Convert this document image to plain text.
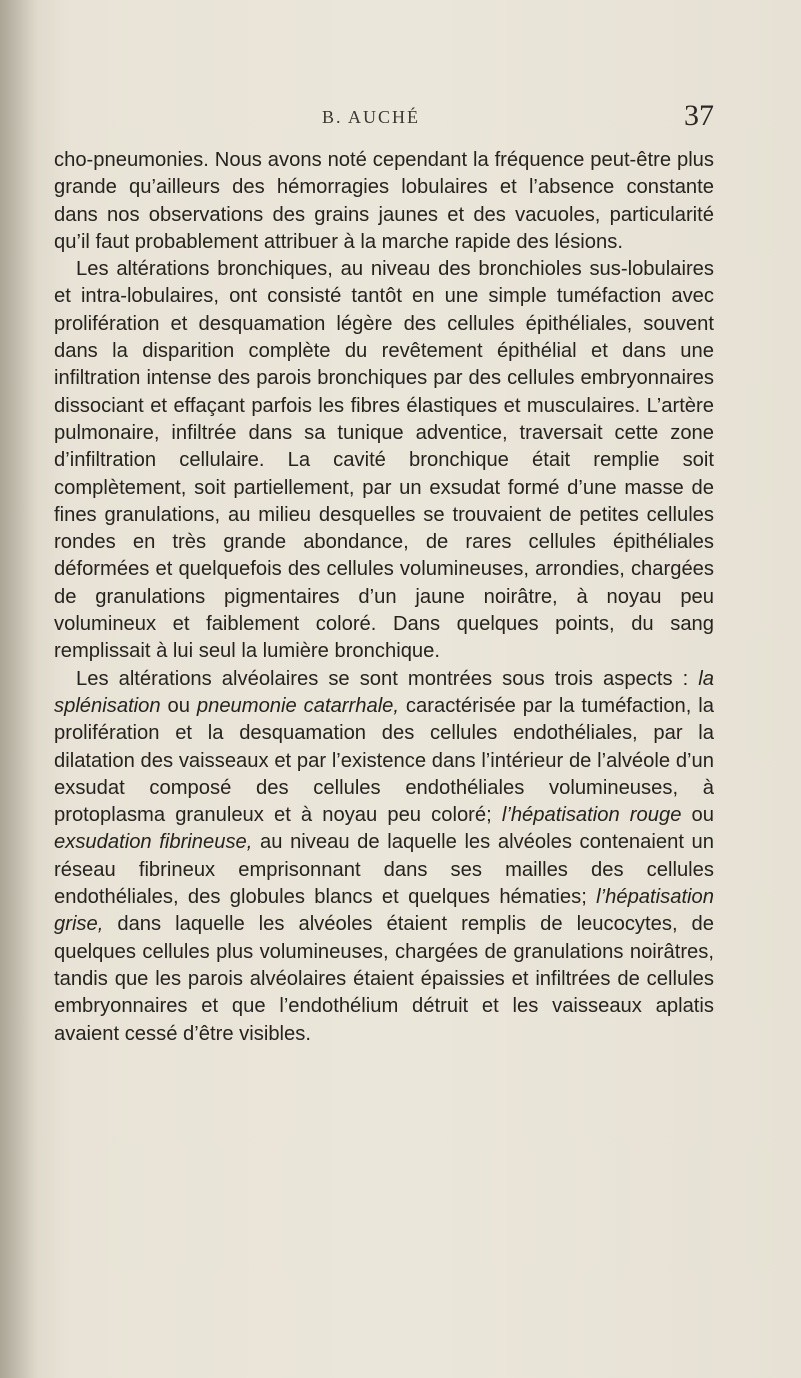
B. AUCHÉ	37

cho-pneumonies. Nous avons noté cependant la fréquence peut-être plus grande qu’ailleurs des hémorragies lobulaires et l’absence constante dans nos observations des grains jaunes et des vacuoles, particularité qu’il faut probablement attribuer à la marche rapide des lésions.

Les altérations bronchiques, au niveau des bronchioles sus-lobulaires et intra-lobulaires, ont consisté tantôt en une simple tuméfaction avec prolifération et desquamation légère des cellules épithéliales, souvent dans la disparition complète du revêtement épithélial et dans une infiltration intense des parois bronchiques par des cellules embryonnaires dissociant et effaçant parfois les fibres élastiques et musculaires. L’artère pulmonaire, infiltrée dans sa tunique adventice, traversait cette zone d’infiltration cellulaire. La cavité bronchique était remplie soit complètement, soit partiellement, par un exsudat formé d’une masse de fines granulations, au milieu desquelles se trouvaient de petites cellules rondes en très grande abondance, de rares cellules épithéliales déformées et quelquefois des cellules volumineuses, arrondies, chargées de granulations pigmentaires d’un jaune noirâtre, à noyau peu volumineux et faiblement coloré. Dans quelques points, du sang remplissait à lui seul la lumière bronchique.

Les altérations alvéolaires se sont montrées sous trois aspects : la splénisation ou pneumonie catarrhale, caractérisée par la tuméfaction, la prolifération et la desquamation des cellules endothéliales, par la dilatation des vaisseaux et par l’existence dans l’intérieur de l’alvéole d’un exsudat composé des cellules endothéliales volumineuses, à protoplasma granuleux et à noyau peu coloré; l’hépatisation rouge ou exsudation fibrineuse, au niveau de laquelle les alvéoles contenaient un réseau fibrineux emprisonnant dans ses mailles des cellules endothéliales, des globules blancs et quelques hématies; l’hépatisation grise, dans laquelle les alvéoles étaient remplis de leucocytes, de quelques cellules plus volumineuses, chargées de granulations noirâtres, tandis que les parois alvéolaires étaient épaissies et infiltrées de cellules embryonnaires et que l’endothélium détruit et les vaisseaux aplatis avaient cessé d’être visibles.
